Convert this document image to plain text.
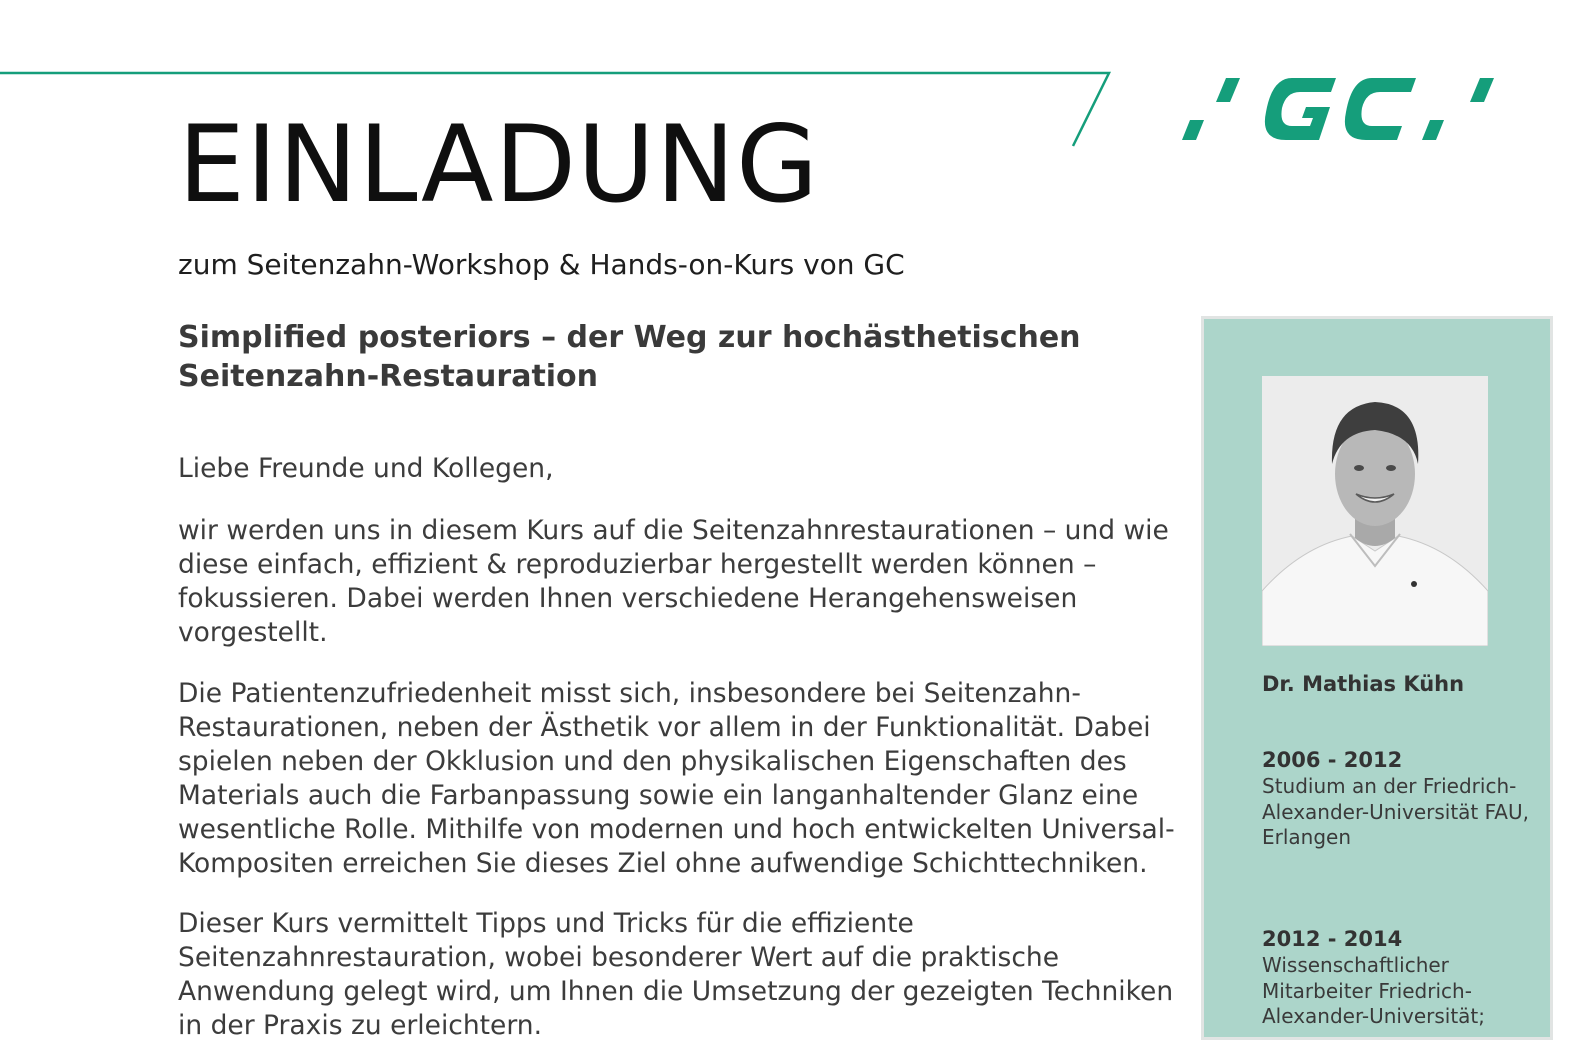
GC
EINLADUNG

zum Seitenzahn-Workshop & Hands-on-Kurs von GC

Simplified posteriors – der Weg zur hochästhetischen
Seitenzahn-Restauration

Liebe Freunde und Kollegen,

wir werden uns in diesem Kurs auf die Seitenzahnrestaurationen – und wie diese einfach, effizient & reproduzierbar hergestellt werden können – fokussieren. Dabei werden Ihnen verschiedene Herangehensweisen vorgestellt.

Die Patientenzufriedenheit misst sich, insbesondere bei Seitenzahn-Restaurationen, neben der Ästhetik vor allem in der Funktionalität. Dabei spielen neben der Okklusion und den physikalischen Eigenschaften des Materials auch die Farbanpassung sowie ein langanhaltender Glanz eine wesentliche Rolle. Mithilfe von modernen und hoch entwickelten Universal-Kompositen erreichen Sie dieses Ziel ohne aufwendige Schichttechniken.

Dieser Kurs vermittelt Tipps und Tricks für die effiziente Seitenzahnrestauration, wobei besonderer Wert auf die praktische Anwendung gelegt wird, um Ihnen die Umsetzung der gezeigten Techniken in der Praxis zu erleichtern.

Dr. Mathias Kühn

2006 - 2012

Studium an der Friedrich-Alexander-Universität FAU, Erlangen

2012 - 2014

Wissenschaftlicher Mitarbeiter Friedrich-Alexander-Universität;
